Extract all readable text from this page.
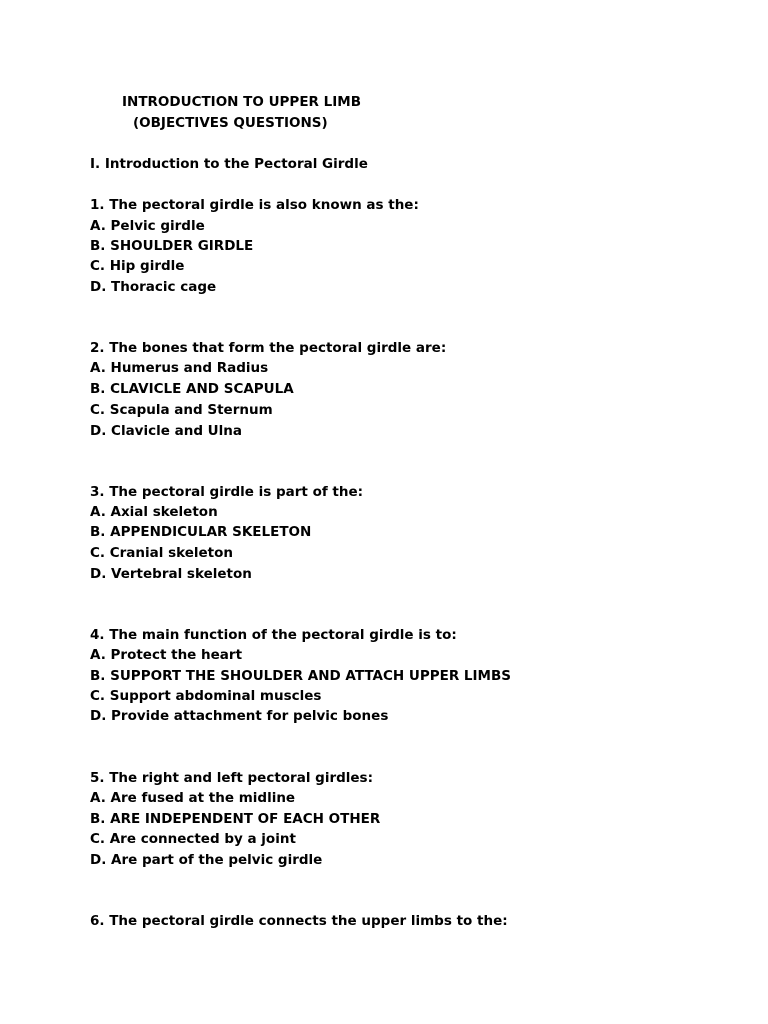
INTRODUCTION TO UPPER LIMB
(OBJECTIVES QUESTIONS)
I. Introduction to the Pectoral Girdle
1. The pectoral girdle is also known as the:
A. Pelvic girdle
B. SHOULDER GIRDLE
C. Hip girdle
D. Thoracic cage
2. The bones that form the pectoral girdle are:
A. Humerus and Radius
B. CLAVICLE AND SCAPULA
C. Scapula and Sternum
D. Clavicle and Ulna
3. The pectoral girdle is part of the:
A. Axial skeleton
B. APPENDICULAR SKELETON
C. Cranial skeleton
D. Vertebral skeleton
4. The main function of the pectoral girdle is to:
A. Protect the heart
B. SUPPORT THE SHOULDER AND ATTACH UPPER LIMBS
C. Support abdominal muscles
D. Provide attachment for pelvic bones
5. The right and left pectoral girdles:
A. Are fused at the midline
B. ARE INDEPENDENT OF EACH OTHER
C. Are connected by a joint
D. Are part of the pelvic girdle
6. The pectoral girdle connects the upper limbs to the:
